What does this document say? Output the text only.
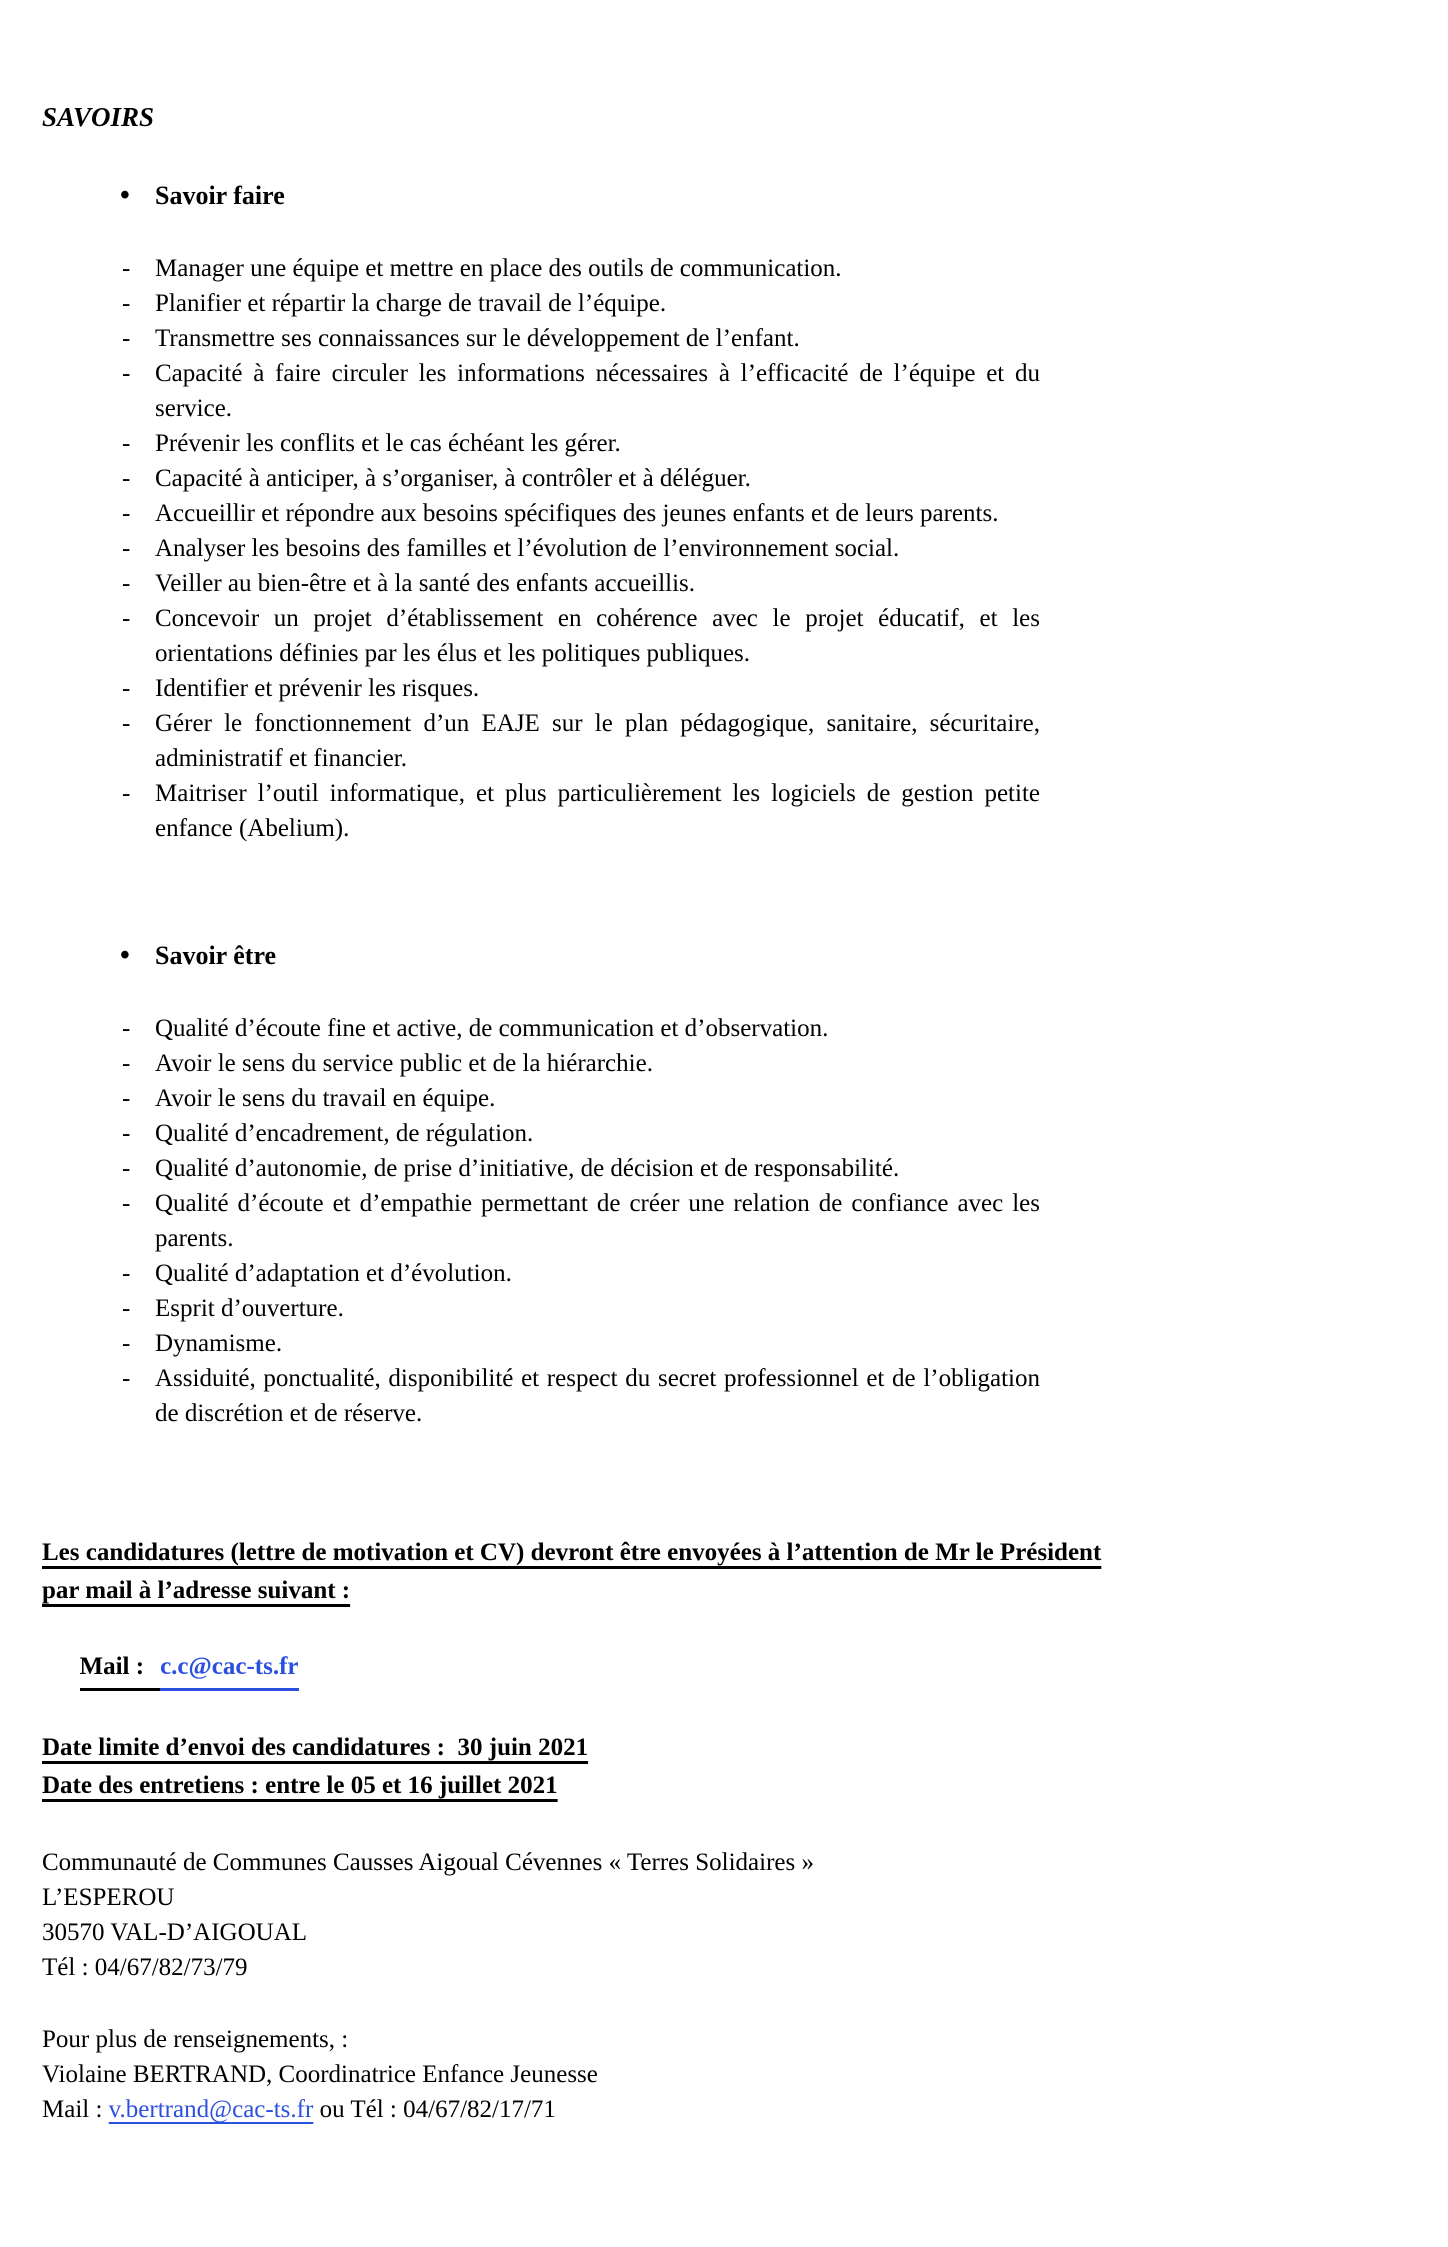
SAVOIRS
• Savoir faire
- Manager une équipe et mettre en place des outils de communication.
- Planifier et répartir la charge de travail de l’équipe.
- Transmettre ses connaissances sur le développement de l’enfant.
- Capacité à faire circuler les informations nécessaires à l’efficacité de l’équipe et du service.
- Prévenir les conflits et le cas échéant les gérer.
- Capacité à anticiper, à s’organiser, à contrôler et à déléguer.
- Accueillir et répondre aux besoins spécifiques des jeunes enfants et de leurs parents.
- Analyser les besoins des familles et l’évolution de l’environnement social.
- Veiller au bien-être et à la santé des enfants accueillis.
- Concevoir un projet d’établissement en cohérence avec le projet éducatif, et les orientations définies par les élus et les politiques publiques.
- Identifier et prévenir les risques.
- Gérer le fonctionnement d’un EAJE sur le plan pédagogique, sanitaire, sécuritaire, administratif et financier.
- Maitriser l’outil informatique, et plus particulièrement les logiciels de gestion petite enfance (Abelium).
• Savoir être
- Qualité d’écoute fine et active, de communication et d’observation.
- Avoir le sens du service public et de la hiérarchie.
- Avoir le sens du travail en équipe.
- Qualité d’encadrement, de régulation.
- Qualité d’autonomie, de prise d’initiative, de décision et de responsabilité.
- Qualité d’écoute et d’empathie permettant de créer une relation de confiance avec les parents.
- Qualité d’adaptation et d’évolution.
- Esprit d’ouverture.
- Dynamisme.
- Assiduité, ponctualité, disponibilité et respect du secret professionnel et de l’obligation de discrétion et de réserve.
Les candidatures (lettre de motivation et CV) devront être envoyées à l’attention de Mr le Président
par mail à l’adresse suivant :

Mail : c.c@cac-ts.fr

Date limite d’envoi des candidatures :  30 juin 2021
Date des entretiens : entre le 05 et 16 juillet 2021
Communauté de Communes Causses Aigoual Cévennes « Terres Solidaires »
L’ESPEROU
30570 VAL-D’AIGOUAL
Tél : 04/67/82/73/79
Pour plus de renseignements, :
Violaine BERTRAND, Coordinatrice Enfance Jeunesse
Mail : v.bertrand@cac-ts.fr ou Tél : 04/67/82/17/71
